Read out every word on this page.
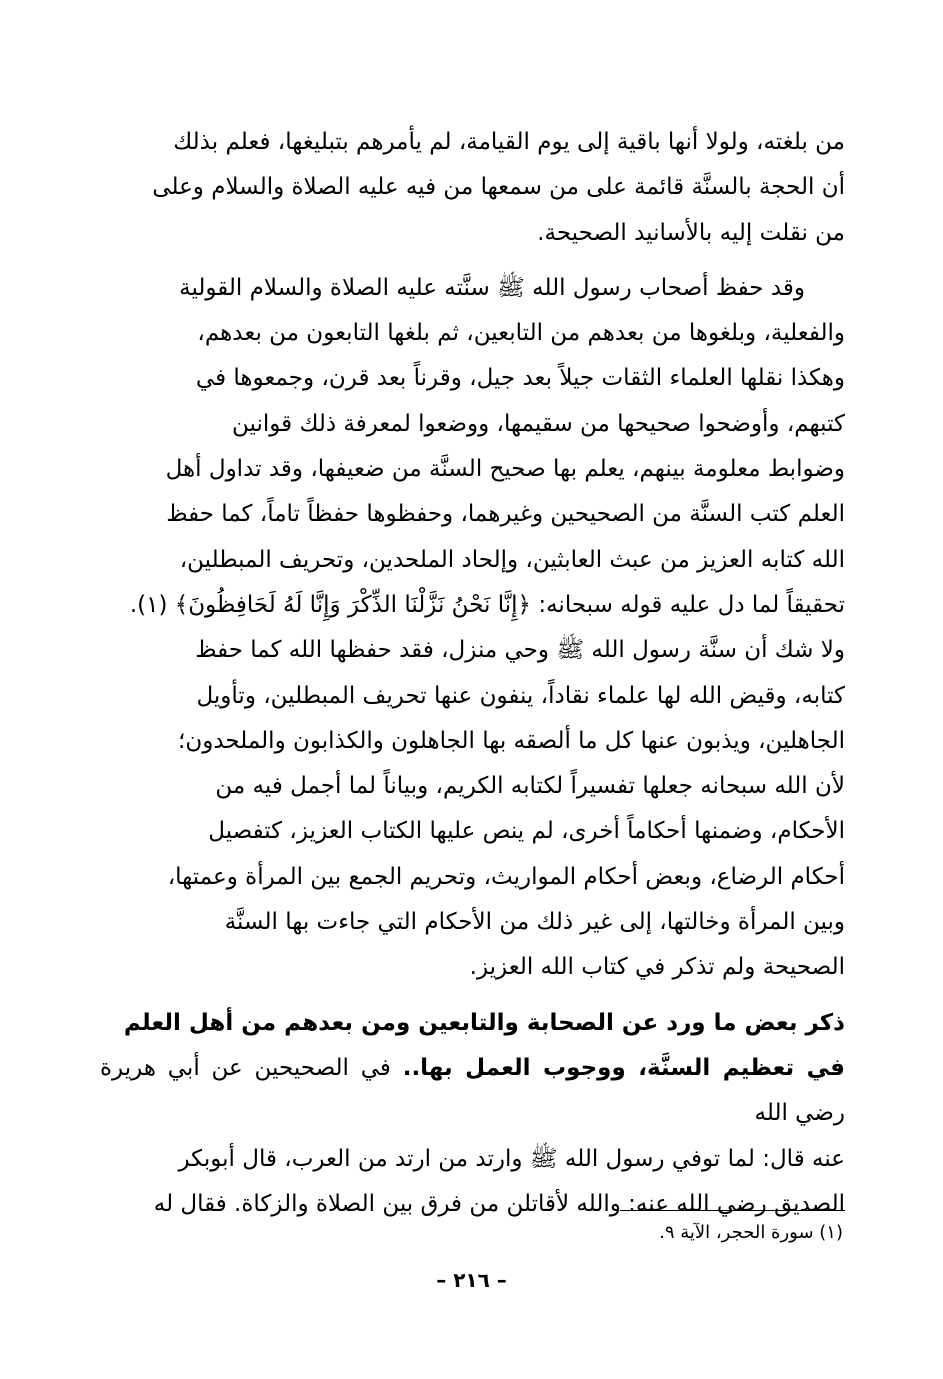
من بلغته، ولولا أنها باقية إلى يوم القيامة، لم يأمرهم بتبليغها، فعلم بذلك
أن الحجة بالسنَّة قائمة على من سمعها من فيه عليه الصلاة والسلام وعلى
من نقلت إليه بالأسانيد الصحيحة.
وقد حفظ أصحاب رسول الله ﷺ سنَّته عليه الصلاة والسلام القولية
والفعلية، وبلغوها من بعدهم من التابعين، ثم بلغها التابعون من بعدهم،
وهكذا نقلها العلماء الثقات جيلاً بعد جيل، وقرناً بعد قرن، وجمعوها في
كتبهم، وأوضحوا صحيحها من سقيمها، ووضعوا لمعرفة ذلك قوانين
وضوابط معلومة بينهم، يعلم بها صحيح السنَّة من ضعيفها، وقد تداول أهل
العلم كتب السنَّة من الصحيحين وغيرهما، وحفظوها حفظاً تاماً، كما حفظ
الله كتابه العزيز من عبث العابثين، وإلحاد الملحدين، وتحريف المبطلين،
تحقيقاً لما دل عليه قوله سبحانه: ﴿إِنَّا نَحْنُ نَزَّلْنَا الذِّكْرَ وَإِنَّا لَهُ لَحَافِظُونَ﴾ (١).
ولا شك أن سنَّة رسول الله ﷺ وحي منزل، فقد حفظها الله كما حفظ
كتابه، وقيض الله لها علماء نقاداً، ينفون عنها تحريف المبطلين، وتأويل
الجاهلين، ويذبون عنها كل ما ألصقه بها الجاهلون والكذابون والملحدون؛
لأن الله سبحانه جعلها تفسيراً لكتابه الكريم، وبياناً لما أجمل فيه من
الأحكام، وضمنها أحكاماً أخرى، لم ينص عليها الكتاب العزيز، كتفصيل
أحكام الرضاع، وبعض أحكام المواريث، وتحريم الجمع بين المرأة وعمتها،
وبين المرأة وخالتها، إلى غير ذلك من الأحكام التي جاءت بها السنَّة
الصحيحة ولم تذكر في كتاب الله العزيز.
ذكر بعض ما ورد عن الصحابة والتابعين ومن بعدهم من أهل العلم
في تعظيم السنَّة، ووجوب العمل بها.. في الصحيحين عن أبي هريرة رضي الله
عنه قال: لما توفي رسول الله ﷺ وارتد من ارتد من العرب، قال أبوبكر
الصديق رضي الله عنه: والله لأقاتلن من فرق بين الصلاة والزكاة. فقال له
(١) سورة الحجر، الآية ٩.
– ٢١٦ –
